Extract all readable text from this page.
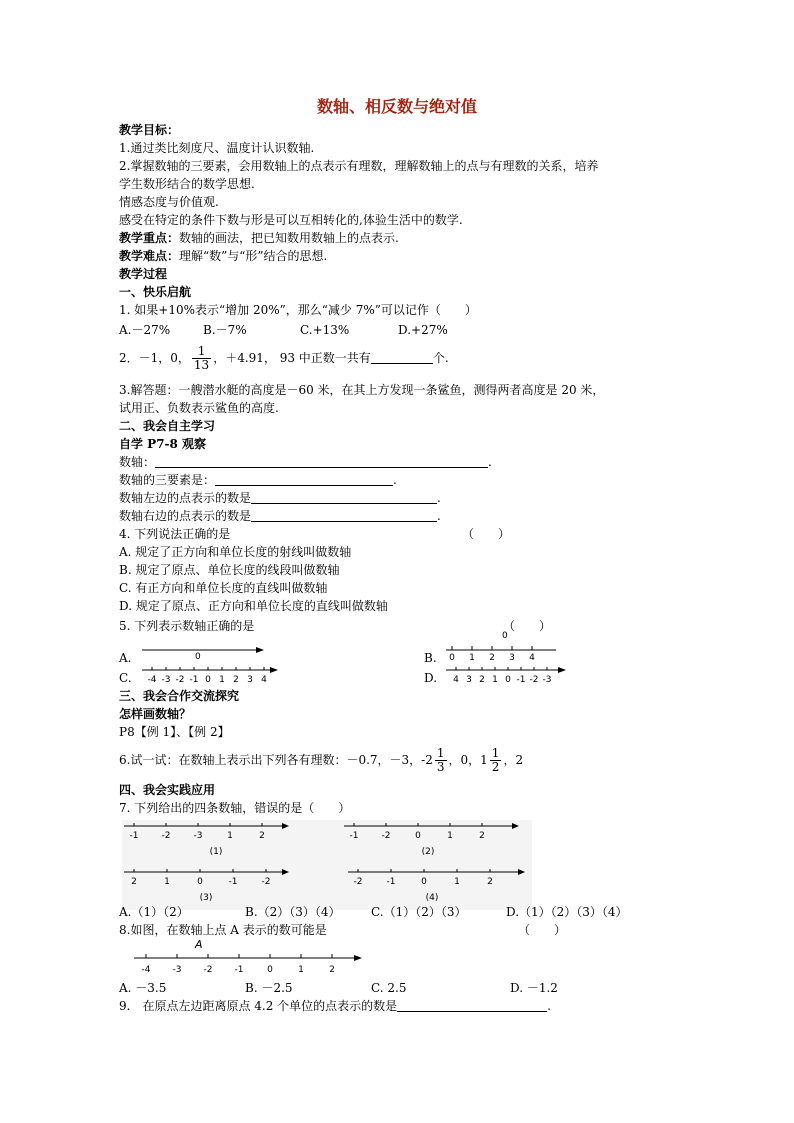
数轴、相反数与绝对值
教学目标：
1.通过类比刻度尺、温度计认识数轴.
2.掌握数轴的三要素，会用数轴上的点表示有理数，理解数轴上的点与有理数的关系，培养
学生数形结合的数学思想.
情感态度与价值观.
感受在特定的条件下数与形是可以互相转化的,体验生活中的数学.
教学重点：数轴的画法，把已知数用数轴上的点表示.
教学难点：理解“数”与“形”结合的思想.
教学过程
一、快乐启航
1. 如果+10%表示“增加 20%”，那么“减少 7%”可以记作（　　）
A.－27%	B.－7%	C.+13%	D.+27%
2．－1，0， $\frac{1}{13}$ ，＋4.91， 93 中正数一共有	个.
3.解答题：一艘潜水艇的高度是－60 米，在其上方发现一条鲨鱼，测得两者高度是 20 米，
试用正、负数表示鲨鱼的高度.
二、我会自主学习
自学 P7-8 观察
数轴：	.
数轴的三要素是：	.
数轴左边的点表示的数是	.
数轴右边的点表示的数是	.
4. 下列说法正确的是	（　　）
A. 规定了正方向和单位长度的射线叫做数轴
B. 规定了原点、单位长度的线段叫做数轴
C. 有正方向和单位长度的直线叫做数轴
D. 规定了原点、正方向和单位长度的直线叫做数轴
5. 下列表示数轴正确的是	（　　）
A.	B.
C.	D.
0
0
0 1 2 3 4
-4 -3 -2 -1 0 1 2 3 4	4 3 2 1 0 -1 -2 -3
三、我会合作交流探究
怎样画数轴？
P8【例 1】、【例 2】
6.试一试：在数轴上表示出下列各有理数：－0.7，－3，$-2 \frac{1}{3}$ ，0，$1 \frac{1}{2}$ ，2
四、我会实践应用
7. 下列给出的四条数轴，错误的是（　　）
-1	-2	-3	1	2
(1)
-1	-2	0	1	2
(2)
2	1	0	-1	-2
(3)
-2	-1	0	1	2
(4)
A.（1）（2）	B.（2）（3）（4）	C.（1）（2）（3）	D.（1）（2）（3）（4）
8.如图，在数轴上点 A 表示的数可能是	（　　）
A
-4 -3 -2 -1	0	1	2
A. －3.5	B. －2.5	C. 2.5	D. －1.2
9.　在原点左边距离原点 4.2 个单位的点表示的数是	.
